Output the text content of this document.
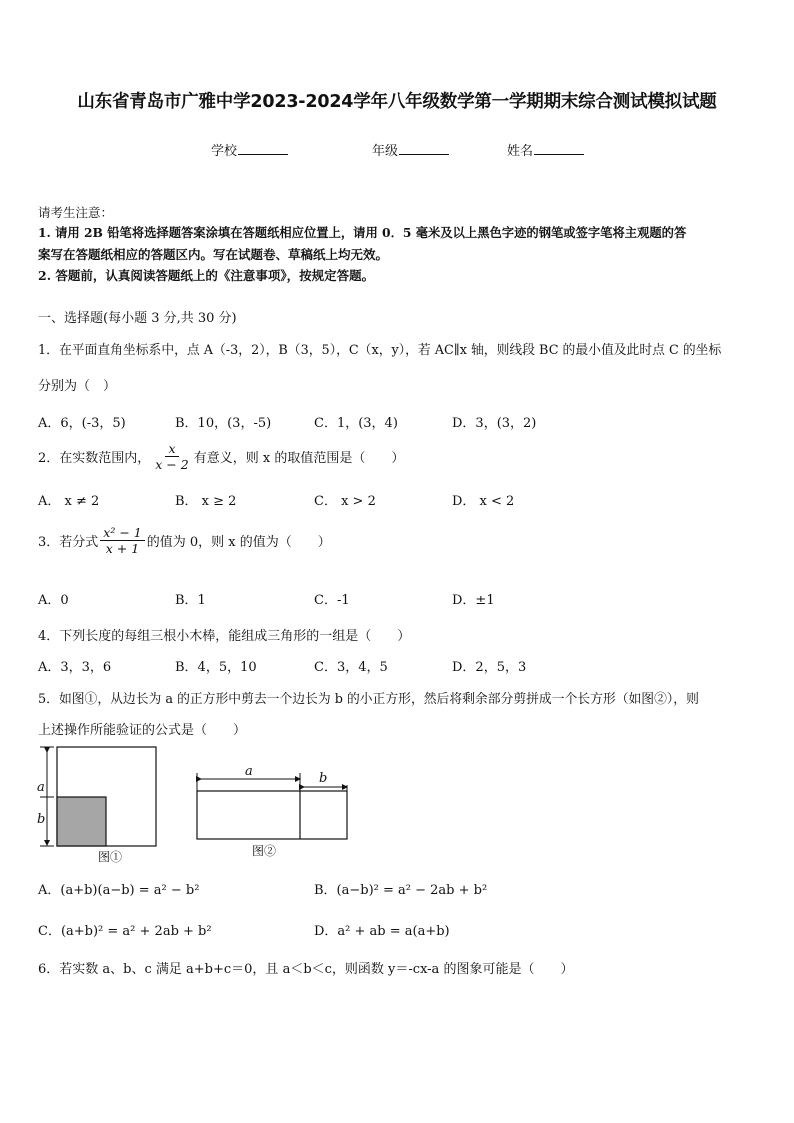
山东省青岛市广雅中学2023-2024学年八年级数学第一学期期末综合测试模拟试题
学校	年级	姓名
请考生注意：
1. 请用 2B 铅笔将选择题答案涂填在答题纸相应位置上，请用 0．5 毫米及以上黑色字迹的钢笔或签字笔将主观题的答
案写在答题纸相应的答题区内。写在试题卷、草稿纸上均无效。
2. 答题前，认真阅读答题纸上的《注意事项》，按规定答题。
一、选择题(每小题 3 分,共 30 分)
1．在平面直角坐标系中，点 A（-3，2），B（3，5），C（x，y），若 AC∥x 轴，则线段 BC 的最小值及此时点 C 的坐标
分别为（　）
A．6，(-3，5)	B．10，(3，-5)	C．1，(3，4)	D．3，(3，2)
2．在实数范围内， $\frac{x}{x - 2}$ 有意义，则 x 的取值范围是（　　）
A． x ≠ 2	B． x ≥ 2	C． x > 2	D． x < 2
3．若分式 $\frac{\text{x² − 1}}{x + 1}$ 的值为 0，则 x 的值为（　　）
A．0	B．1	C．-1	D．±1
4．下列长度的每组三根小木棒，能组成三角形的一组是（　　）
A．3，3，6	B．4，5，10	C．3，4，5	D．2，5，3
5．如图①，从边长为 a 的正方形中剪去一个边长为 b 的小正方形，然后将剩余部分剪拼成一个长方形（如图②），则
上述操作所能验证的公式是（　　）
a
b
图①
a	b
图②
A．(a+b)(a−b) = a² − b²	B．(a−b)² = a² − 2ab + b²
C．(a+b)² = a² + 2ab + b²	D．a² + ab = a(a+b)
6．若实数 a、b、c 满足 a+b+c＝0，且 a＜b＜c，则函数 y＝-cx-a 的图象可能是（　　）
